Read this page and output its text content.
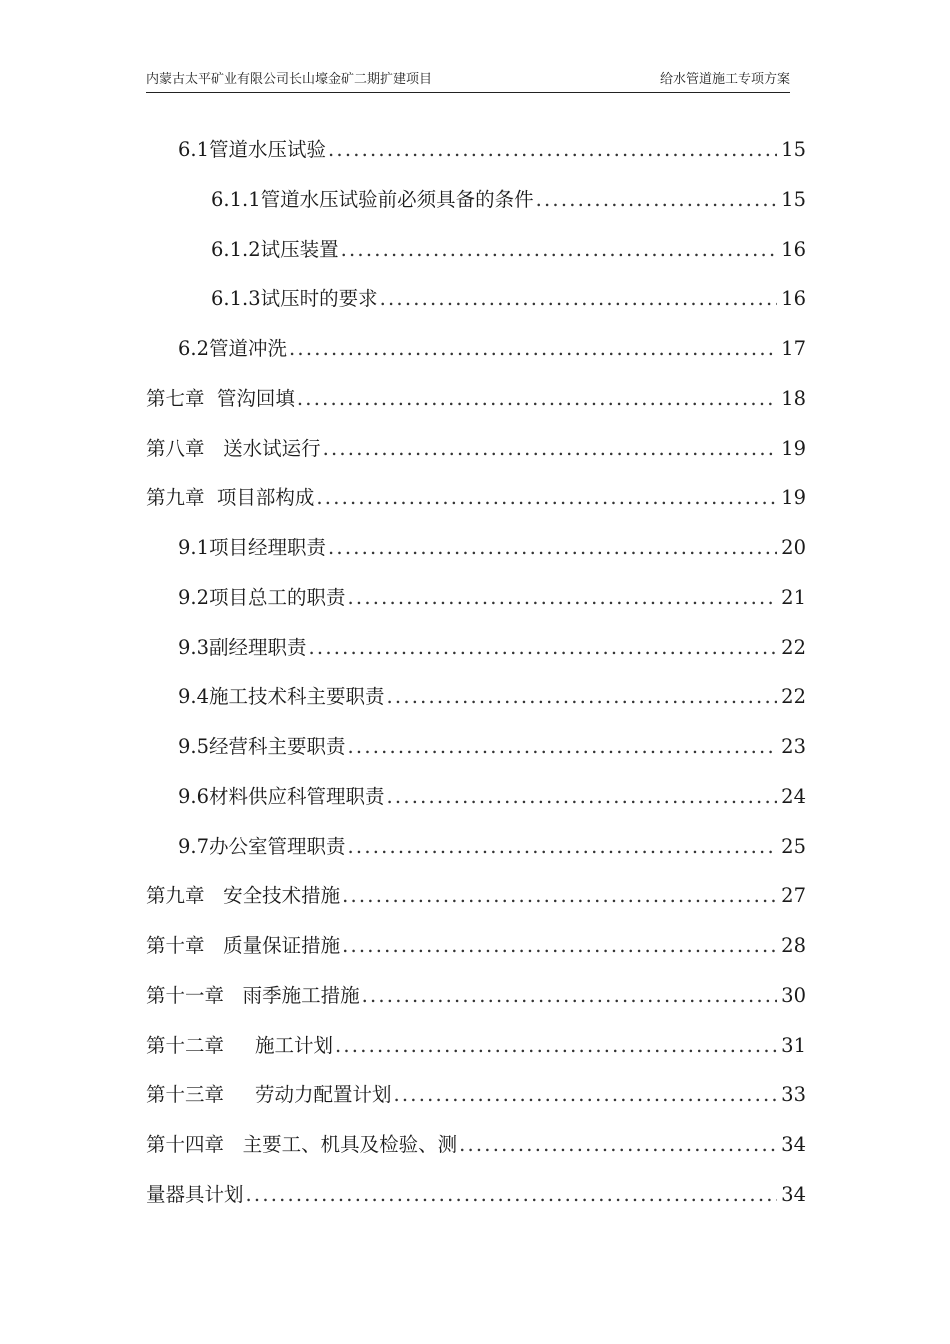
内蒙古太平矿业有限公司长山壕金矿二期扩建项目	给水管道施工专项方案
6.1管道水压试验 .....	15
6.1.1管道水压试验前必须具备的条件 .....	15
6.1.2试压装置 .....	16
6.1.3试压时的要求 .....	16
6.2管道冲洗 .....	17
第七章  管沟回填 .....	18
第八章   送水试运行 .....	19
第九章  项目部构成 .....	19
9.1项目经理职责 .....	20
9.2项目总工的职责 .....	21
9.3副经理职责 .....	22
9.4施工技术科主要职责 .....	22
9.5经营科主要职责 .....	23
9.6材料供应科管理职责 .....	24
9.7办公室管理职责 .....	25
第九章   安全技术措施 .....	27
第十章   质量保证措施 .....	28
第十一章   雨季施工措施 .....	30
第十二章     施工计划 .....	31
第十三章     劳动力配置计划 .....	33
第十四章   主要工、机具及检验、测 .....	34
量器具计划 .....	34
